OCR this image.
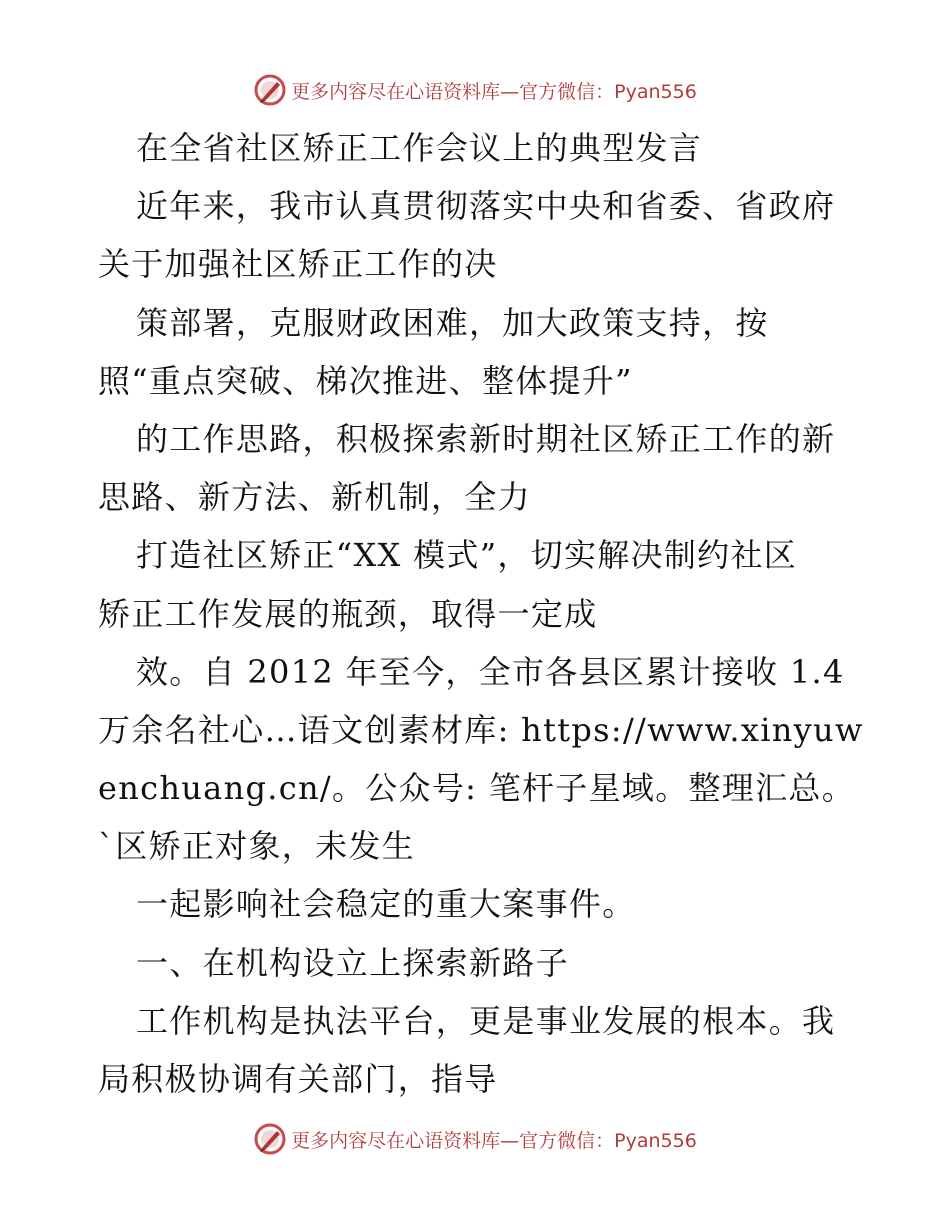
更多内容尽在心语资料库—官方微信：Pyan556
在全省社区矫正工作会议上的典型发言
近年来，我市认真贯彻落实中央和省委、省政府
关于加强社区矫正工作的决
策部署，克服财政困难，加大政策支持，按
照“重点突破、梯次推进、整体提升”
的工作思路，积极探索新时期社区矫正工作的新
思路、新方法、新机制，全力
打造社区矫正“XX 模式”，切实解决制约社区
矫正工作发展的瓶颈，取得一定成
效。自 2012 年至今，全市各县区累计接收 1.4
万余名社心…语文创素材库: https://www.xinyuw
enchuang.cn/。公众号: 笔杆子星域。整理汇总。
`区矫正对象，未发生
一起影响社会稳定的重大案事件。
一、在机构设立上探索新路子
工作机构是执法平台，更是事业发展的根本。我
局积极协调有关部门，指导
更多内容尽在心语资料库—官方微信：Pyan556
